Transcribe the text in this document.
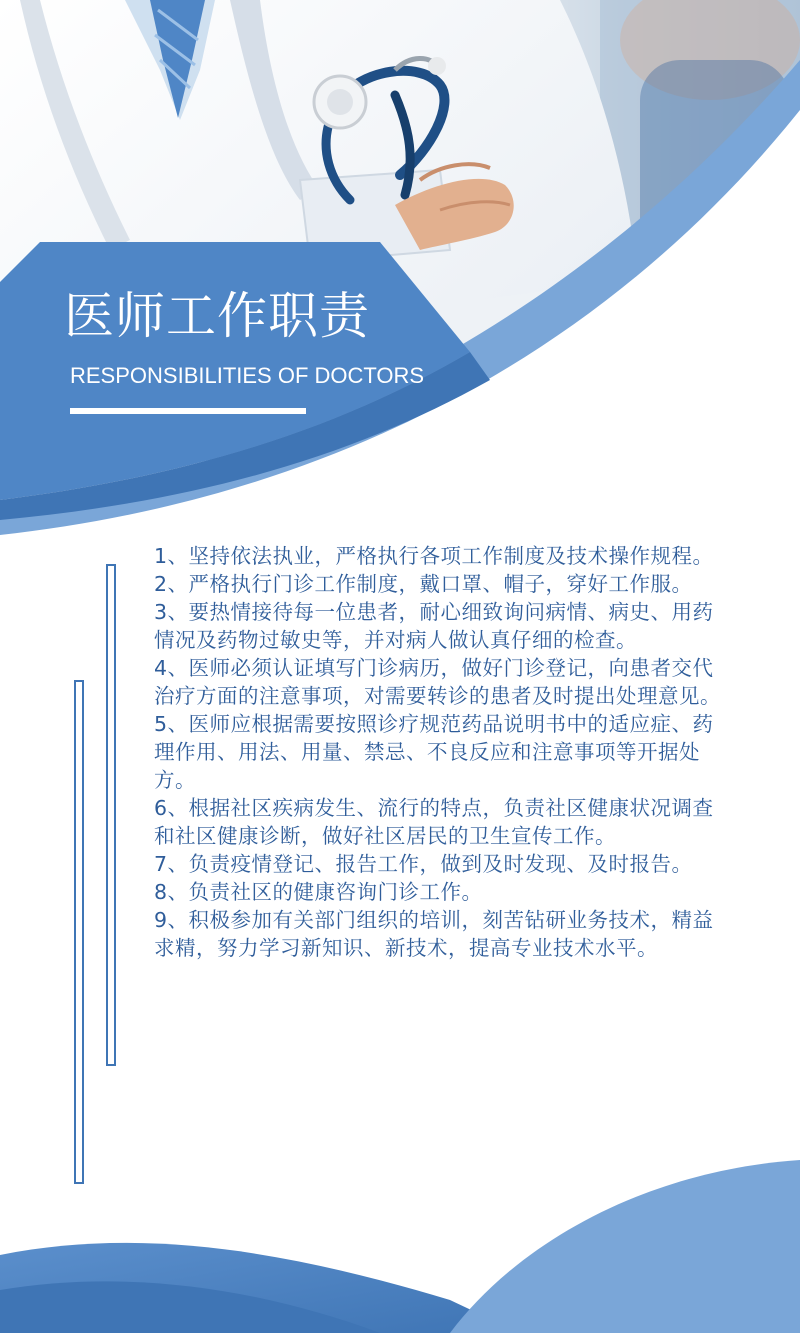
医师工作职责

RESPONSIBILITIES OF DOCTORS

1、坚持依法执业，严格执行各项工作制度及技术操作规程。
2、严格执行门诊工作制度，戴口罩、帽子，穿好工作服。
3、要热情接待每一位患者，耐心细致询问病情、病史、用药情况及药物过敏史等，并对病人做认真仔细的检查。
4、医师必须认证填写门诊病历，做好门诊登记，向患者交代治疗方面的注意事项，对需要转诊的患者及时提出处理意见。
5、医师应根据需要按照诊疗规范药品说明书中的适应症、药理作用、用法、用量、禁忌、不良反应和注意事项等开据处方。
6、根据社区疾病发生、流行的特点，负责社区健康状况调查和社区健康诊断，做好社区居民的卫生宣传工作。
7、负责疫情登记、报告工作，做到及时发现、及时报告。
8、负责社区的健康咨询门诊工作。
9、积极参加有关部门组织的培训，刻苦钻研业务技术，精益求精，努力学习新知识、新技术，提高专业技术水平。
